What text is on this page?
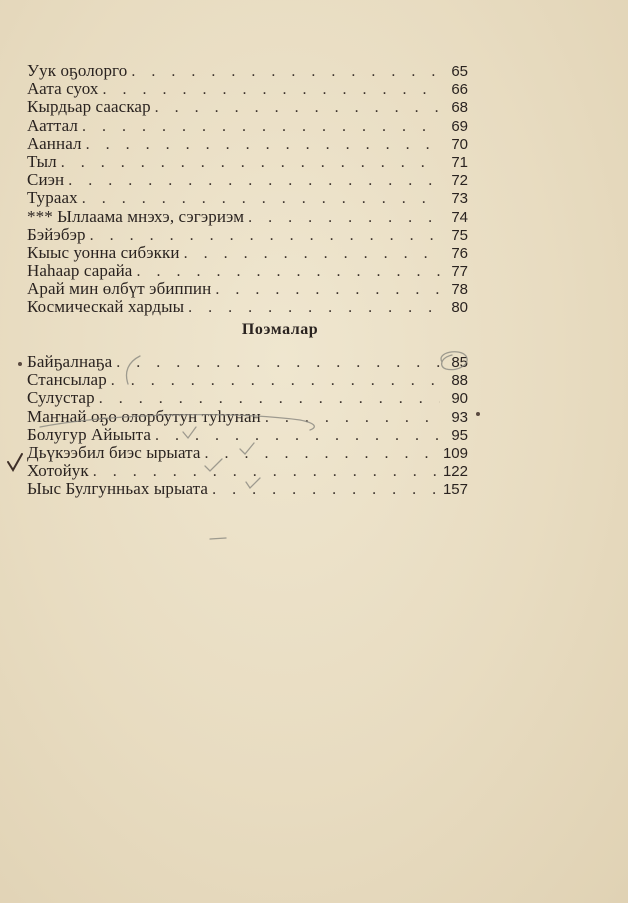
Уук оҕолорго . . .	65
Аата суох . . .	66
Кырдьар сааскар . . .	68
Ааттал . . .	69
Ааннал . . .	70
Тыл . . .	71
Сиэн . . .	72
Тураах . . .	73
*** Ыллаама мнэхэ, сэгэриэм . . .	74
Бэйэбэр . . .	75
Кыыс уонна сибэкки . . .	76
Наһаар сарайа . . .	77
Арай мин өлбүт эбиппин . . .	78
Космическай хардыы . . .	80
Поэмалар
Байҕалнаҕа . . .	85
Стансылар . . .	88
Сулустар . . .	90
Маҥнай оҕо олорбутун туһунан . . .	93
Болугур Айыыта . . .	95
Дьүкээбил биэс ырыата . . .	109
Хотойук . . .	122
Ыыс Булгунньах ырыата . . .	157
